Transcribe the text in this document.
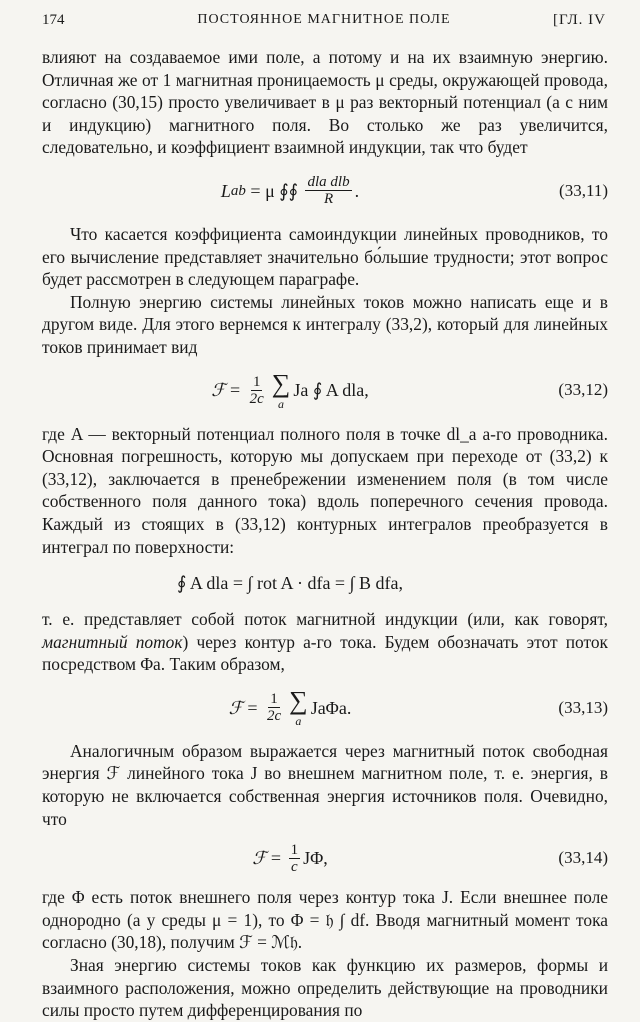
174	ПОСТОЯННОЕ МАГНИТНОЕ ПОЛЕ	[ГЛ. IV

влияют на создаваемое ими поле, а потому и на их взаимную энергию. Отличная же от 1 магнитная проницаемость μ среды, окружающей провода, согласно (30,15) просто увеличивает в μ раз векторный потенциал (а с ним и индукцию) магнитного поля. Во столько же раз увеличится, следовательно, и коэффициент взаимной индукции, так что будет

L ab = μ ∮∮ $\frac{\text{dla dlb}}{R}$ .	(33,11)

Что касается коэффициента самоиндукции линейных проводников, то его вычисление представляет значительно бо́льшие трудности; этот вопрос будет рассмотрен в следующем параграфе.

Полную энергию системы линейных токов можно написать еще и в другом виде. Для этого вернемся к интегралу (33,2), который для линейных токов принимает вид

ℱ = $\frac{1}{2c}$ ∑
a
Ja ∮ A dla,	(33,12)

где A — векторный потенциал полного поля в точке dl_a a-го проводника. Основная погрешность, которую мы допускаем при переходе от (33,2) к (33,12), заключается в пренебрежении изменением поля (в том числе собственного поля данного тока) вдоль поперечного сечения провода. Каждый из стоящих в (33,12) контурных интегралов преобразуется в интеграл по поверхности:

∮ A dla = ∫ rot A · dfa = ∫ B dfa,

т. е. представляет собой поток магнитной индукции (или, как говорят, магнитный поток) через контур a-го тока. Будем обозначать этот поток посредством Φa. Таким образом,

ℱ = $\frac{1}{2c}$ ∑
a
JaΦa.	(33,13)

Аналогичным образом выражается через магнитный поток свободная энергия ℱ линейного тока J во внешнем магнитном поле, т. е. энергия, в которую не включается собственная энергия источников поля. Очевидно, что

ℱ = $\frac{1}{c} J\Phi$,	(33,14)

где Φ есть поток внешнего поля через контур тока J. Если внешнее поле однородно (а у среды μ = 1), то Φ = 𝔥 ∫ df. Вводя магнитный момент тока согласно (30,18), получим ℱ = ℳ𝔥.

Зная энергию системы токов как функцию их размеров, формы и взаимного расположения, можно определить действующие на проводники силы просто путем дифференцирования по
